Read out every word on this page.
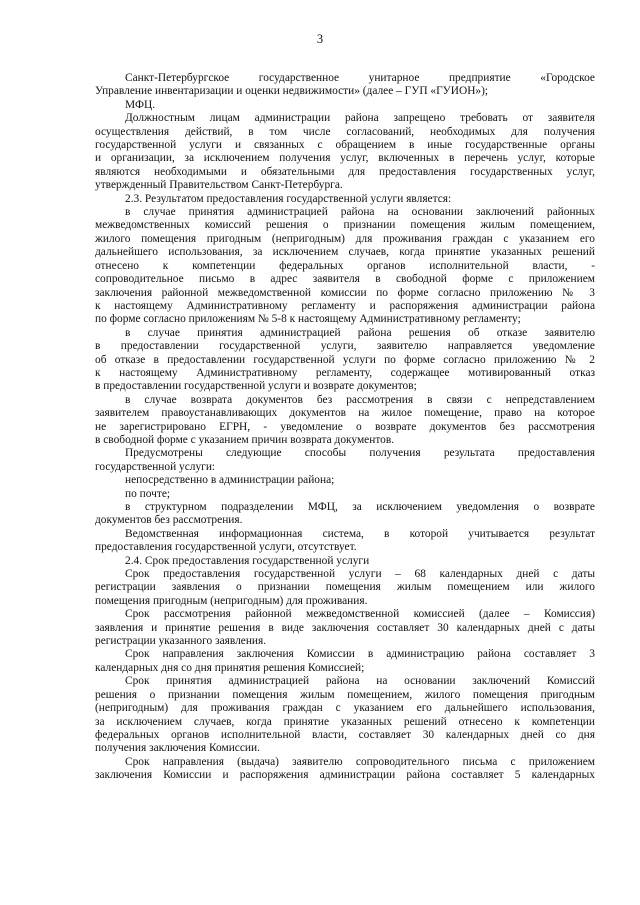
3
Санкт-Петербургское государственное унитарное предприятие «Городское
Управление инвентаризации и оценки недвижимости» (далее – ГУП «ГУИОН»);
МФЦ.
Должностным лицам администрации района запрещено требовать от заявителя
осуществления действий, в том числе согласований, необходимых для получения
государственной услуги и связанных с обращением в иные государственные органы
и организации, за исключением получения услуг, включенных в перечень услуг, которые
являются необходимыми и обязательными для предоставления государственных услуг,
утвержденный Правительством Санкт-Петербурга.
2.3. Результатом предоставления государственной услуги является:
в случае принятия администрацией района на основании заключений районных
межведомственных комиссий решения о признании помещения жилым помещением,
жилого помещения пригодным (непригодным) для проживания граждан с указанием его
дальнейшего использования, за исключением случаев, когда принятие указанных решений
отнесено к компетенции федеральных органов исполнительной власти, -
сопроводительное письмо в адрес заявителя в свободной форме с приложением
заключения районной межведомственной комиссии по форме согласно приложению № 3
к настоящему Административному регламенту и распоряжения администрации района
по форме согласно приложениям № 5-8 к настоящему Административному регламенту;
в случае принятия администрацией района решения об отказе заявителю
в предоставлении государственной услуги, заявителю направляется уведомление
об отказе в предоставлении государственной услуги по форме согласно приложению № 2
к настоящему Административному регламенту, содержащее мотивированный отказ
в предоставлении государственной услуги и возврате документов;
в случае возврата документов без рассмотрения в связи с непредставлением
заявителем правоустанавливающих документов на жилое помещение, право на которое
не зарегистрировано ЕГРН, - уведомление о возврате документов без рассмотрения
в свободной форме с указанием причин возврата документов.
Предусмотрены следующие способы получения результата предоставления
государственной услуги:
непосредственно в администрации района;
по почте;
в структурном подразделении МФЦ, за исключением уведомления о возврате
документов без рассмотрения.
Ведомственная информационная система, в которой учитывается результат
предоставления государственной услуги, отсутствует.
2.4. Срок предоставления государственной услуги
Срок предоставления государственной услуги – 68 календарных дней с даты
регистрации заявления о признании помещения жилым помещением или жилого
помещения пригодным (непригодным) для проживания.
Срок рассмотрения районной межведомственной комиссией (далее – Комиссия)
заявления и принятие решения в виде заключения составляет 30 календарных дней с даты
регистрации указанного заявления.
Срок направления заключения Комиссии в администрацию района составляет 3
календарных дня со дня принятия решения Комиссией;
Срок принятия администрацией района на основании заключений Комиссий
решения о признании помещения жилым помещением, жилого помещения пригодным
(непригодным) для проживания граждан с указанием его дальнейшего использования,
за исключением случаев, когда принятие указанных решений отнесено к компетенции
федеральных органов исполнительной власти, составляет 30 календарных дней со дня
получения заключения Комиссии.
Срок направления (выдача) заявителю сопроводительного письма с приложением
заключения Комиссии и распоряжения администрации района составляет 5 календарных
